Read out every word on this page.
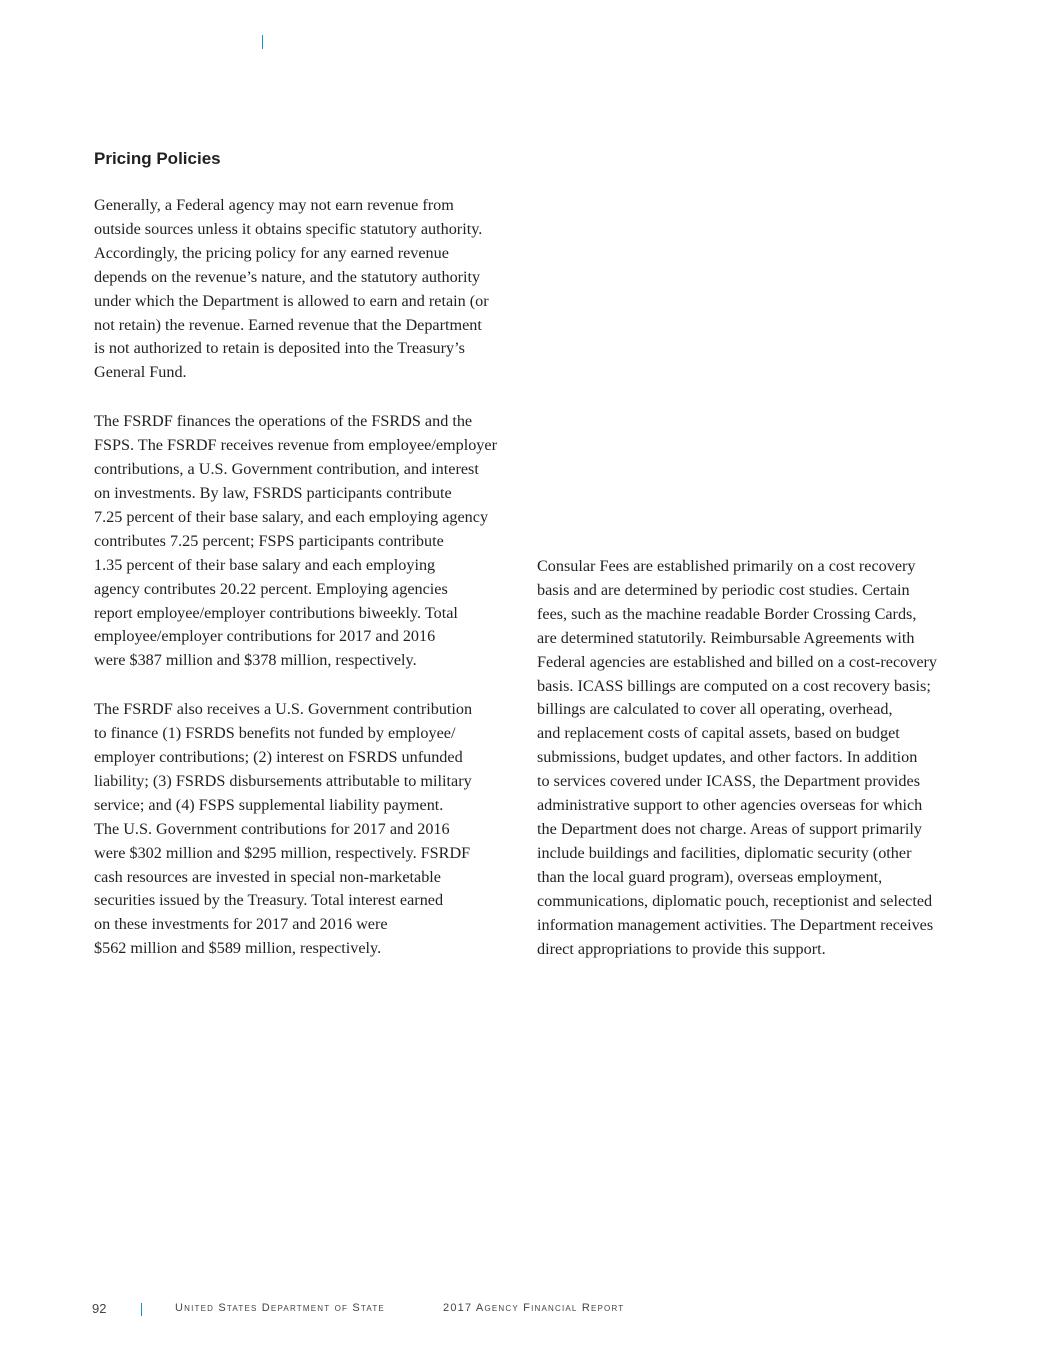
Pricing Policies

Generally, a Federal agency may not earn revenue from
outside sources unless it obtains specific statutory authority.
Accordingly, the pricing policy for any earned revenue
depends on the revenue’s nature, and the statutory authority
under which the Department is allowed to earn and retain (or
not retain) the revenue. Earned revenue that the Department
is not authorized to retain is deposited into the Treasury’s
General Fund.

The FSRDF finances the operations of the FSRDS and the
FSPS. The FSRDF receives revenue from employee/employer
contributions, a U.S. Government contribution, and interest
on investments. By law, FSRDS participants contribute
7.25 percent of their base salary, and each employing agency
contributes 7.25 percent; FSPS participants contribute
1.35 percent of their base salary and each employing
agency contributes 20.22 percent. Employing agencies
report employee/employer contributions biweekly. Total
employee/employer contributions for 2017 and 2016
were $387 million and $378 million, respectively.

The FSRDF also receives a U.S. Government contribution
to finance (1) FSRDS benefits not funded by employee/
employer contributions; (2) interest on FSRDS unfunded
liability; (3) FSRDS disbursements attributable to military
service; and (4) FSPS supplemental liability payment.
The U.S. Government contributions for 2017 and 2016
were $302 million and $295 million, respectively. FSRDF
cash resources are invested in special non-marketable
securities issued by the Treasury. Total interest earned
on these investments for 2017 and 2016 were
$562 million and $589 million, respectively.

Consular Fees are established primarily on a cost recovery
basis and are determined by periodic cost studies. Certain
fees, such as the machine readable Border Crossing Cards,
are determined statutorily. Reimbursable Agreements with
Federal agencies are established and billed on a cost-recovery
basis. ICASS billings are computed on a cost recovery basis;
billings are calculated to cover all operating, overhead,
and replacement costs of capital assets, based on budget
submissions, budget updates, and other factors. In addition
to services covered under ICASS, the Department provides
administrative support to other agencies overseas for which
the Department does not charge. Areas of support primarily
include buildings and facilities, diplomatic security (other
than the local guard program), overseas employment,
communications, diplomatic pouch, receptionist and selected
information management activities. The Department receives
direct appropriations to provide this support.

92	United States Department of State	2017 Agency Financial Report
